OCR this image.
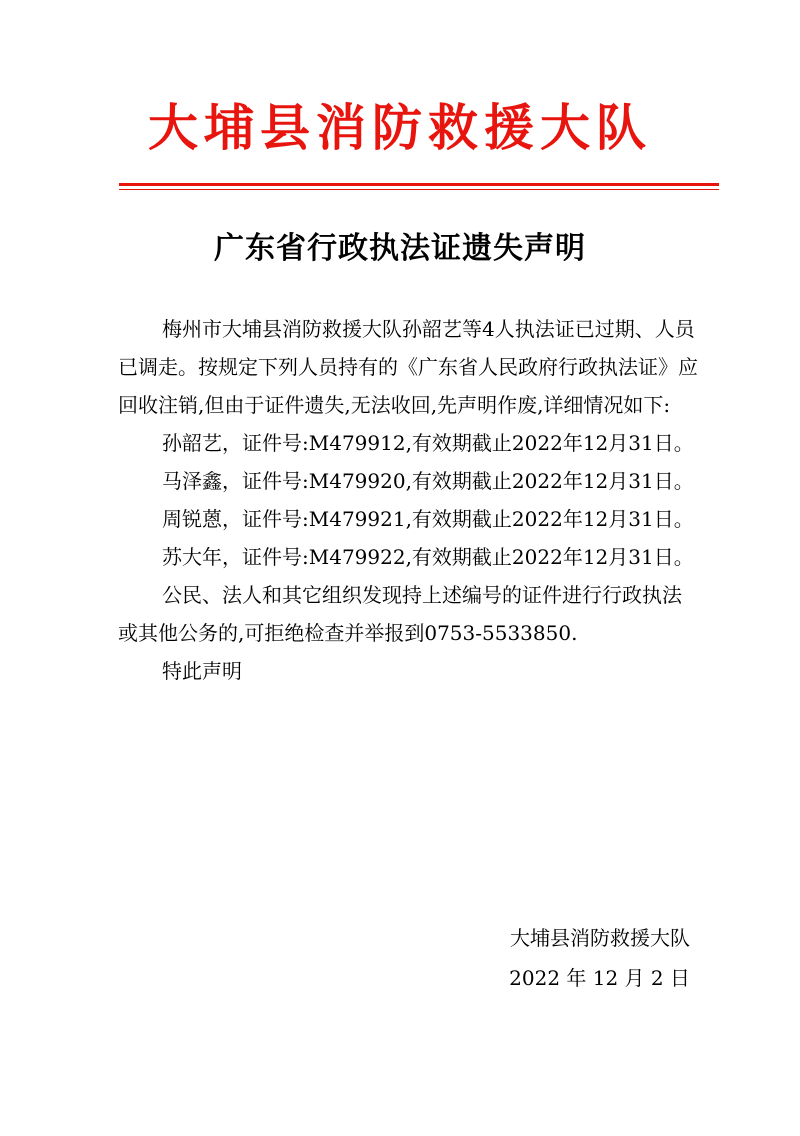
大埔县消防救援大队
广东省行政执法证遗失声明

梅州市大埔县消防救援大队孙韶艺等4人执法证已过期、人员已调走。按规定下列人员持有的《广东省人民政府行政执法证》应回收注销,但由于证件遗失,无法收回,先声明作废,详细情况如下:

孙韶艺，证件号:M479912,有效期截止2022年12月31日。

马泽鑫，证件号:M479920,有效期截止2022年12月31日。

周锐蒽，证件号:M479921,有效期截止2022年12月31日。

苏大年，证件号:M479922,有效期截止2022年12月31日。

公民、法人和其它组织发现持上述编号的证件进行行政执法或其他公务的,可拒绝检查并举报到0753-5533850.

特此声明

大埔县消防救援大队
2022 年 12 月 2 日
